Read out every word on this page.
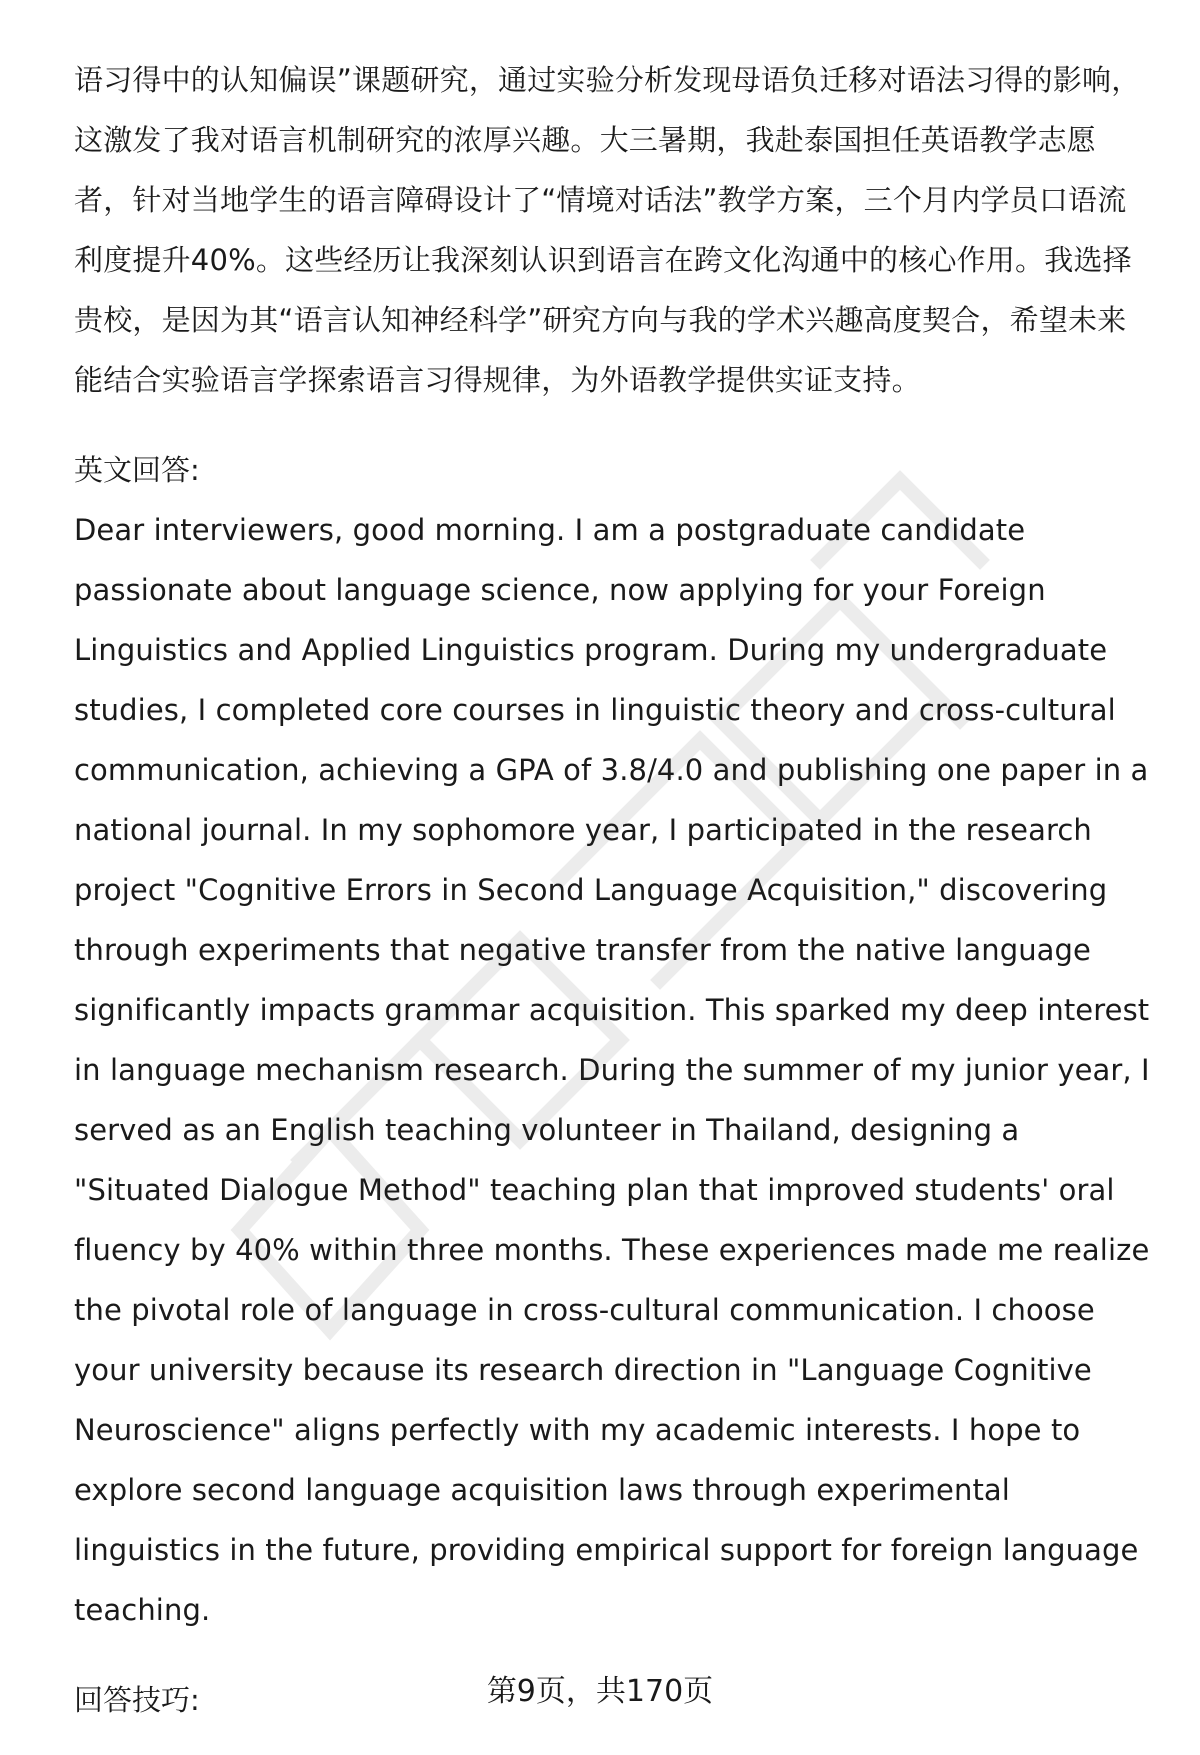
语习得中的认知偏误”课题研究，通过实验分析发现母语负迁移对语法习得的影响，这激发了我对语言机制研究的浓厚兴趣。大三暑期，我赴泰国担任英语教学志愿者，针对当地学生的语言障碍设计了“情境对话法”教学方案，三个月内学员口语流利度提升40%。这些经历让我深刻认识到语言在跨文化沟通中的核心作用。我选择贵校，是因为其“语言认知神经科学”研究方向与我的学术兴趣高度契合，希望未来能结合实验语言学探索语言习得规律，为外语教学提供实证支持。

英文回答:

Dear interviewers, good morning. I am a postgraduate candidate passionate about language science, now applying for your Foreign Linguistics and Applied Linguistics program. During my undergraduate studies, I completed core courses in linguistic theory and cross-cultural communication, achieving a GPA of 3.8/4.0 and publishing one paper in a national journal. In my sophomore year, I participated in the research project "Cognitive Errors in Second Language Acquisition," discovering through experiments that negative transfer from the native language significantly impacts grammar acquisition. This sparked my deep interest in language mechanism research. During the summer of my junior year, I served as an English teaching volunteer in Thailand, designing a "Situated Dialogue Method" teaching plan that improved students' oral fluency by 40% within three months. These experiences made me realize the pivotal role of language in cross-cultural communication. I choose your university because its research direction in "Language Cognitive Neuroscience" aligns perfectly with my academic interests. I hope to explore second language acquisition laws through experimental linguistics in the future, providing empirical support for foreign language teaching.

回答技巧:	第9页，共170页
